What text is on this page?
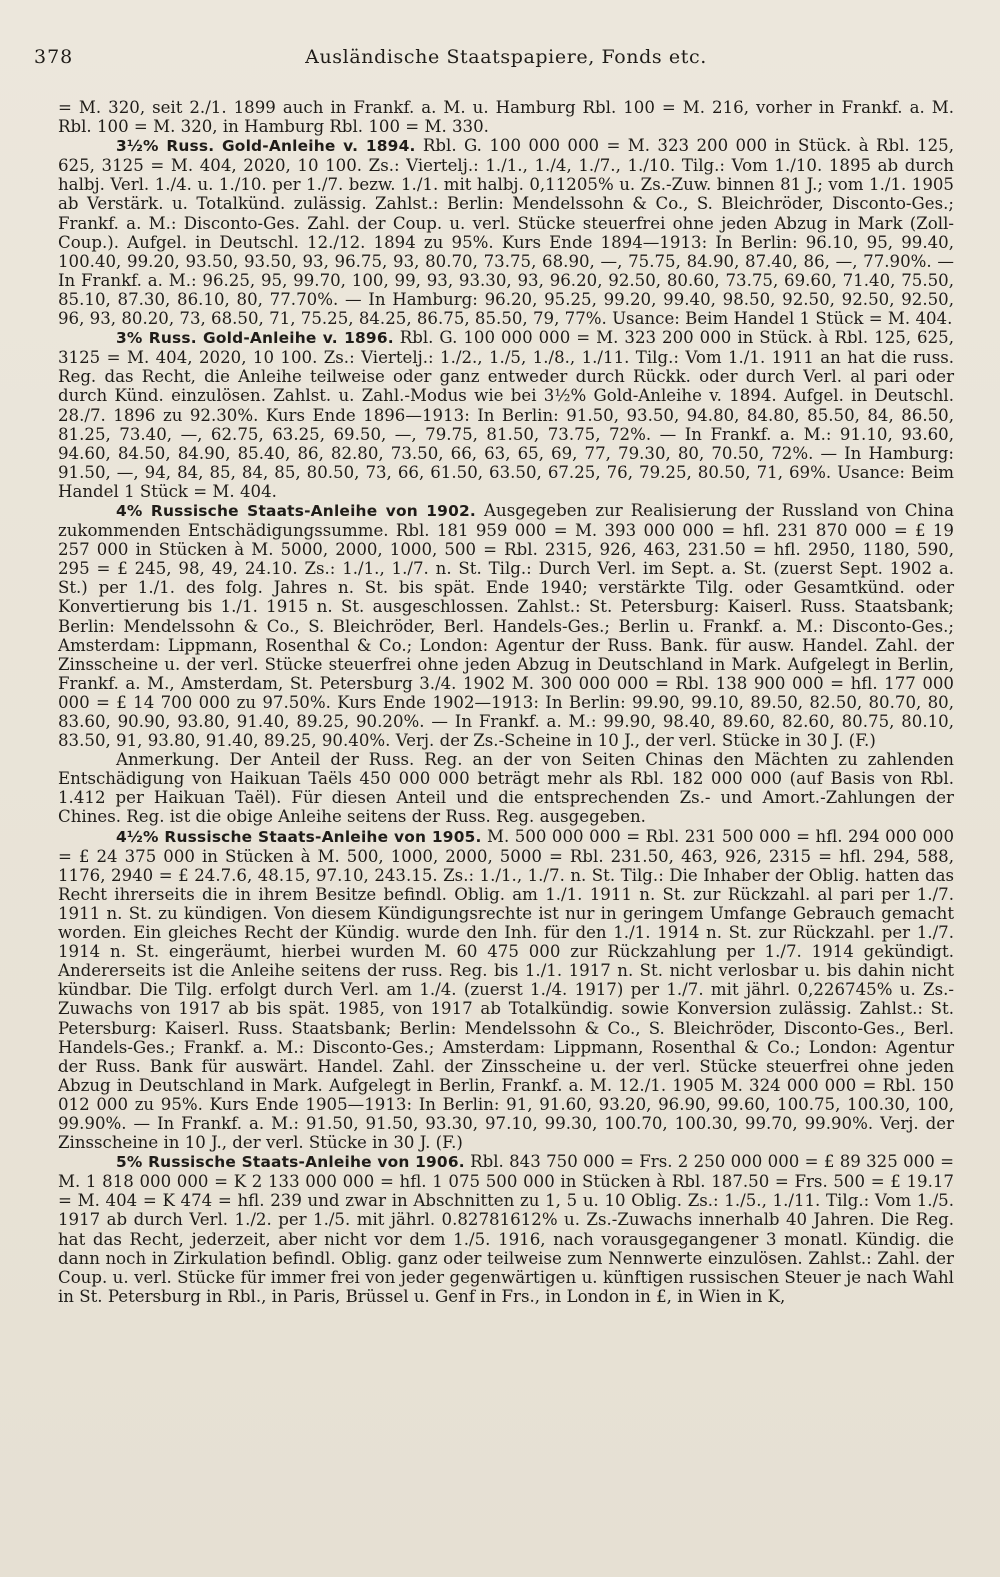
378	Ausländische Staatspapiere, Fonds etc.

= M. 320, seit 2./1. 1899 auch in Frankf. a. M. u. Hamburg Rbl. 100 = M. 216, vorher in Frankf. a. M. Rbl. 100 = M. 320, in Hamburg Rbl. 100 = M. 330.

3½% Russ. Gold-Anleihe v. 1894. Rbl. G. 100 000 000 = M. 323 200 000 in Stück. à Rbl. 125, 625, 3125 = M. 404, 2020, 10 100. Zs.: Viertelj.: 1./1., 1./4, 1./7., 1./10. Tilg.: Vom 1./10. 1895 ab durch halbj. Verl. 1./4. u. 1./10. per 1./7. bezw. 1./1. mit halbj. 0,11205% u. Zs.-Zuw. binnen 81 J.; vom 1./1. 1905 ab Verstärk. u. Totalkünd. zulässig. Zahlst.: Berlin: Mendelssohn & Co., S. Bleichröder, Disconto-Ges.; Frankf. a. M.: Disconto-Ges. Zahl. der Coup. u. verl. Stücke steuerfrei ohne jeden Abzug in Mark (Zoll-Coup.). Aufgel. in Deutschl. 12./12. 1894 zu 95%. Kurs Ende 1894—1913: In Berlin: 96.10, 95, 99.40, 100.40, 99.20, 93.50, 93.50, 93, 96.75, 93, 80.70, 73.75, 68.90, —, 75.75, 84.90, 87.40, 86, —, 77.90%. — In Frankf. a. M.: 96.25, 95, 99.70, 100, 99, 93, 93.30, 93, 96.20, 92.50, 80.60, 73.75, 69.60, 71.40, 75.50, 85.10, 87.30, 86.10, 80, 77.70%. — In Hamburg: 96.20, 95.25, 99.20, 99.40, 98.50, 92.50, 92.50, 92.50, 96, 93, 80.20, 73, 68.50, 71, 75.25, 84.25, 86.75, 85.50, 79, 77%. Usance: Beim Handel 1 Stück = M. 404.

3% Russ. Gold-Anleihe v. 1896. Rbl. G. 100 000 000 = M. 323 200 000 in Stück. à Rbl. 125, 625, 3125 = M. 404, 2020, 10 100. Zs.: Viertelj.: 1./2., 1./5, 1./8., 1./11. Tilg.: Vom 1./1. 1911 an hat die russ. Reg. das Recht, die Anleihe teilweise oder ganz entweder durch Rückk. oder durch Verl. al pari oder durch Künd. einzulösen. Zahlst. u. Zahl.-Modus wie bei 3½% Gold-Anleihe v. 1894. Aufgel. in Deutschl. 28./7. 1896 zu 92.30%. Kurs Ende 1896—1913: In Berlin: 91.50, 93.50, 94.80, 84.80, 85.50, 84, 86.50, 81.25, 73.40, —, 62.75, 63.25, 69.50, —, 79.75, 81.50, 73.75, 72%. — In Frankf. a. M.: 91.10, 93.60, 94.60, 84.50, 84.90, 85.40, 86, 82.80, 73.50, 66, 63, 65, 69, 77, 79.30, 80, 70.50, 72%. — In Hamburg: 91.50, —, 94, 84, 85, 84, 85, 80.50, 73, 66, 61.50, 63.50, 67.25, 76, 79.25, 80.50, 71, 69%. Usance: Beim Handel 1 Stück = M. 404.

4% Russische Staats-Anleihe von 1902. Ausgegeben zur Realisierung der Russland von China zukommenden Entschädigungssumme. Rbl. 181 959 000 = M. 393 000 000 = hfl. 231 870 000 = £ 19 257 000 in Stücken à M. 5000, 2000, 1000, 500 = Rbl. 2315, 926, 463, 231.50 = hfl. 2950, 1180, 590, 295 = £ 245, 98, 49, 24.10. Zs.: 1./1., 1./7. n. St. Tilg.: Durch Verl. im Sept. a. St. (zuerst Sept. 1902 a. St.) per 1./1. des folg. Jahres n. St. bis spät. Ende 1940; verstärkte Tilg. oder Gesamtkünd. oder Konvertierung bis 1./1. 1915 n. St. ausgeschlossen. Zahlst.: St. Petersburg: Kaiserl. Russ. Staatsbank; Berlin: Mendelssohn & Co., S. Bleichröder, Berl. Handels-Ges.; Berlin u. Frankf. a. M.: Disconto-Ges.; Amsterdam: Lippmann, Rosenthal & Co.; London: Agentur der Russ. Bank. für ausw. Handel. Zahl. der Zinsscheine u. der verl. Stücke steuerfrei ohne jeden Abzug in Deutschland in Mark. Aufgelegt in Berlin, Frankf. a. M., Amsterdam, St. Petersburg 3./4. 1902 M. 300 000 000 = Rbl. 138 900 000 = hfl. 177 000 000 = £ 14 700 000 zu 97.50%. Kurs Ende 1902—1913: In Berlin: 99.90, 99.10, 89.50, 82.50, 80.70, 80, 83.60, 90.90, 93.80, 91.40, 89.25, 90.20%. — In Frankf. a. M.: 99.90, 98.40, 89.60, 82.60, 80.75, 80.10, 83.50, 91, 93.80, 91.40, 89.25, 90.40%. Verj. der Zs.-Scheine in 10 J., der verl. Stücke in 30 J. (F.)

Anmerkung. Der Anteil der Russ. Reg. an der von Seiten Chinas den Mächten zu zahlenden Entschädigung von Haikuan Taëls 450 000 000 beträgt mehr als Rbl. 182 000 000 (auf Basis von Rbl. 1.412 per Haikuan Taël). Für diesen Anteil und die entsprechenden Zs.- und Amort.-Zahlungen der Chines. Reg. ist die obige Anleihe seitens der Russ. Reg. ausgegeben.

4½% Russische Staats-Anleihe von 1905. M. 500 000 000 = Rbl. 231 500 000 = hfl. 294 000 000 = £ 24 375 000 in Stücken à M. 500, 1000, 2000, 5000 = Rbl. 231.50, 463, 926, 2315 = hfl. 294, 588, 1176, 2940 = £ 24.7.6, 48.15, 97.10, 243.15. Zs.: 1./1., 1./7. n. St. Tilg.: Die Inhaber der Oblig. hatten das Recht ihrerseits die in ihrem Besitze befindl. Oblig. am 1./1. 1911 n. St. zur Rückzahl. al pari per 1./7. 1911 n. St. zu kündigen. Von diesem Kündigungsrechte ist nur in geringem Umfange Gebrauch gemacht worden. Ein gleiches Recht der Kündig. wurde den Inh. für den 1./1. 1914 n. St. zur Rückzahl. per 1./7. 1914 n. St. eingeräumt, hierbei wurden M. 60 475 000 zur Rückzahlung per 1./7. 1914 gekündigt. Andererseits ist die Anleihe seitens der russ. Reg. bis 1./1. 1917 n. St. nicht verlosbar u. bis dahin nicht kündbar. Die Tilg. erfolgt durch Verl. am 1./4. (zuerst 1./4. 1917) per 1./7. mit jährl. 0,226745% u. Zs.-Zuwachs von 1917 ab bis spät. 1985, von 1917 ab Totalkündig. sowie Konversion zulässig. Zahlst.: St. Petersburg: Kaiserl. Russ. Staatsbank; Berlin: Mendelssohn & Co., S. Bleichröder, Disconto-Ges., Berl. Handels-Ges.; Frankf. a. M.: Disconto-Ges.; Amsterdam: Lippmann, Rosenthal & Co.; London: Agentur der Russ. Bank für auswärt. Handel. Zahl. der Zinsscheine u. der verl. Stücke steuerfrei ohne jeden Abzug in Deutschland in Mark. Aufgelegt in Berlin, Frankf. a. M. 12./1. 1905 M. 324 000 000 = Rbl. 150 012 000 zu 95%. Kurs Ende 1905—1913: In Berlin: 91, 91.60, 93.20, 96.90, 99.60, 100.75, 100.30, 100, 99.90%. — In Frankf. a. M.: 91.50, 91.50, 93.30, 97.10, 99.30, 100.70, 100.30, 99.70, 99.90%. Verj. der Zinsscheine in 10 J., der verl. Stücke in 30 J. (F.)

5% Russische Staats-Anleihe von 1906. Rbl. 843 750 000 = Frs. 2 250 000 000 = £ 89 325 000 = M. 1 818 000 000 = K 2 133 000 000 = hfl. 1 075 500 000 in Stücken à Rbl. 187.50 = Frs. 500 = £ 19.17 = M. 404 = K 474 = hfl. 239 und zwar in Abschnitten zu 1, 5 u. 10 Oblig. Zs.: 1./5., 1./11. Tilg.: Vom 1./5. 1917 ab durch Verl. 1./2. per 1./5. mit jährl. 0.82781612% u. Zs.-Zuwachs innerhalb 40 Jahren. Die Reg. hat das Recht, jederzeit, aber nicht vor dem 1./5. 1916, nach vorausgegangener 3 monatl. Kündig. die dann noch in Zirkulation befindl. Oblig. ganz oder teilweise zum Nennwerte einzulösen. Zahlst.: Zahl. der Coup. u. verl. Stücke für immer frei von jeder gegenwärtigen u. künftigen russischen Steuer je nach Wahl in St. Petersburg in Rbl., in Paris, Brüssel u. Genf in Frs., in London in £, in Wien in K,
